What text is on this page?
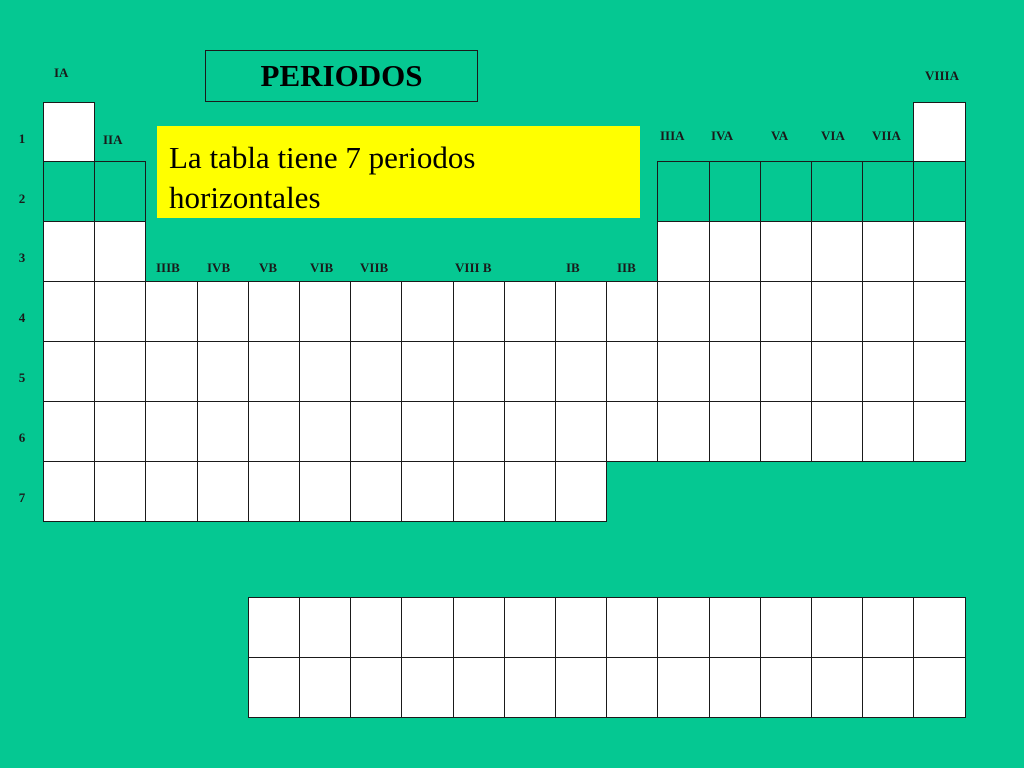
PERIODOS
La tabla tiene 7 periodos horizontales
IA
IIA
IIIB IVB VB	VIB VIIB	VIII B	IB	IIB
IIIA IVA	VA	VIA VIIA
VIIIA
1
2
3
4
5
6
7
